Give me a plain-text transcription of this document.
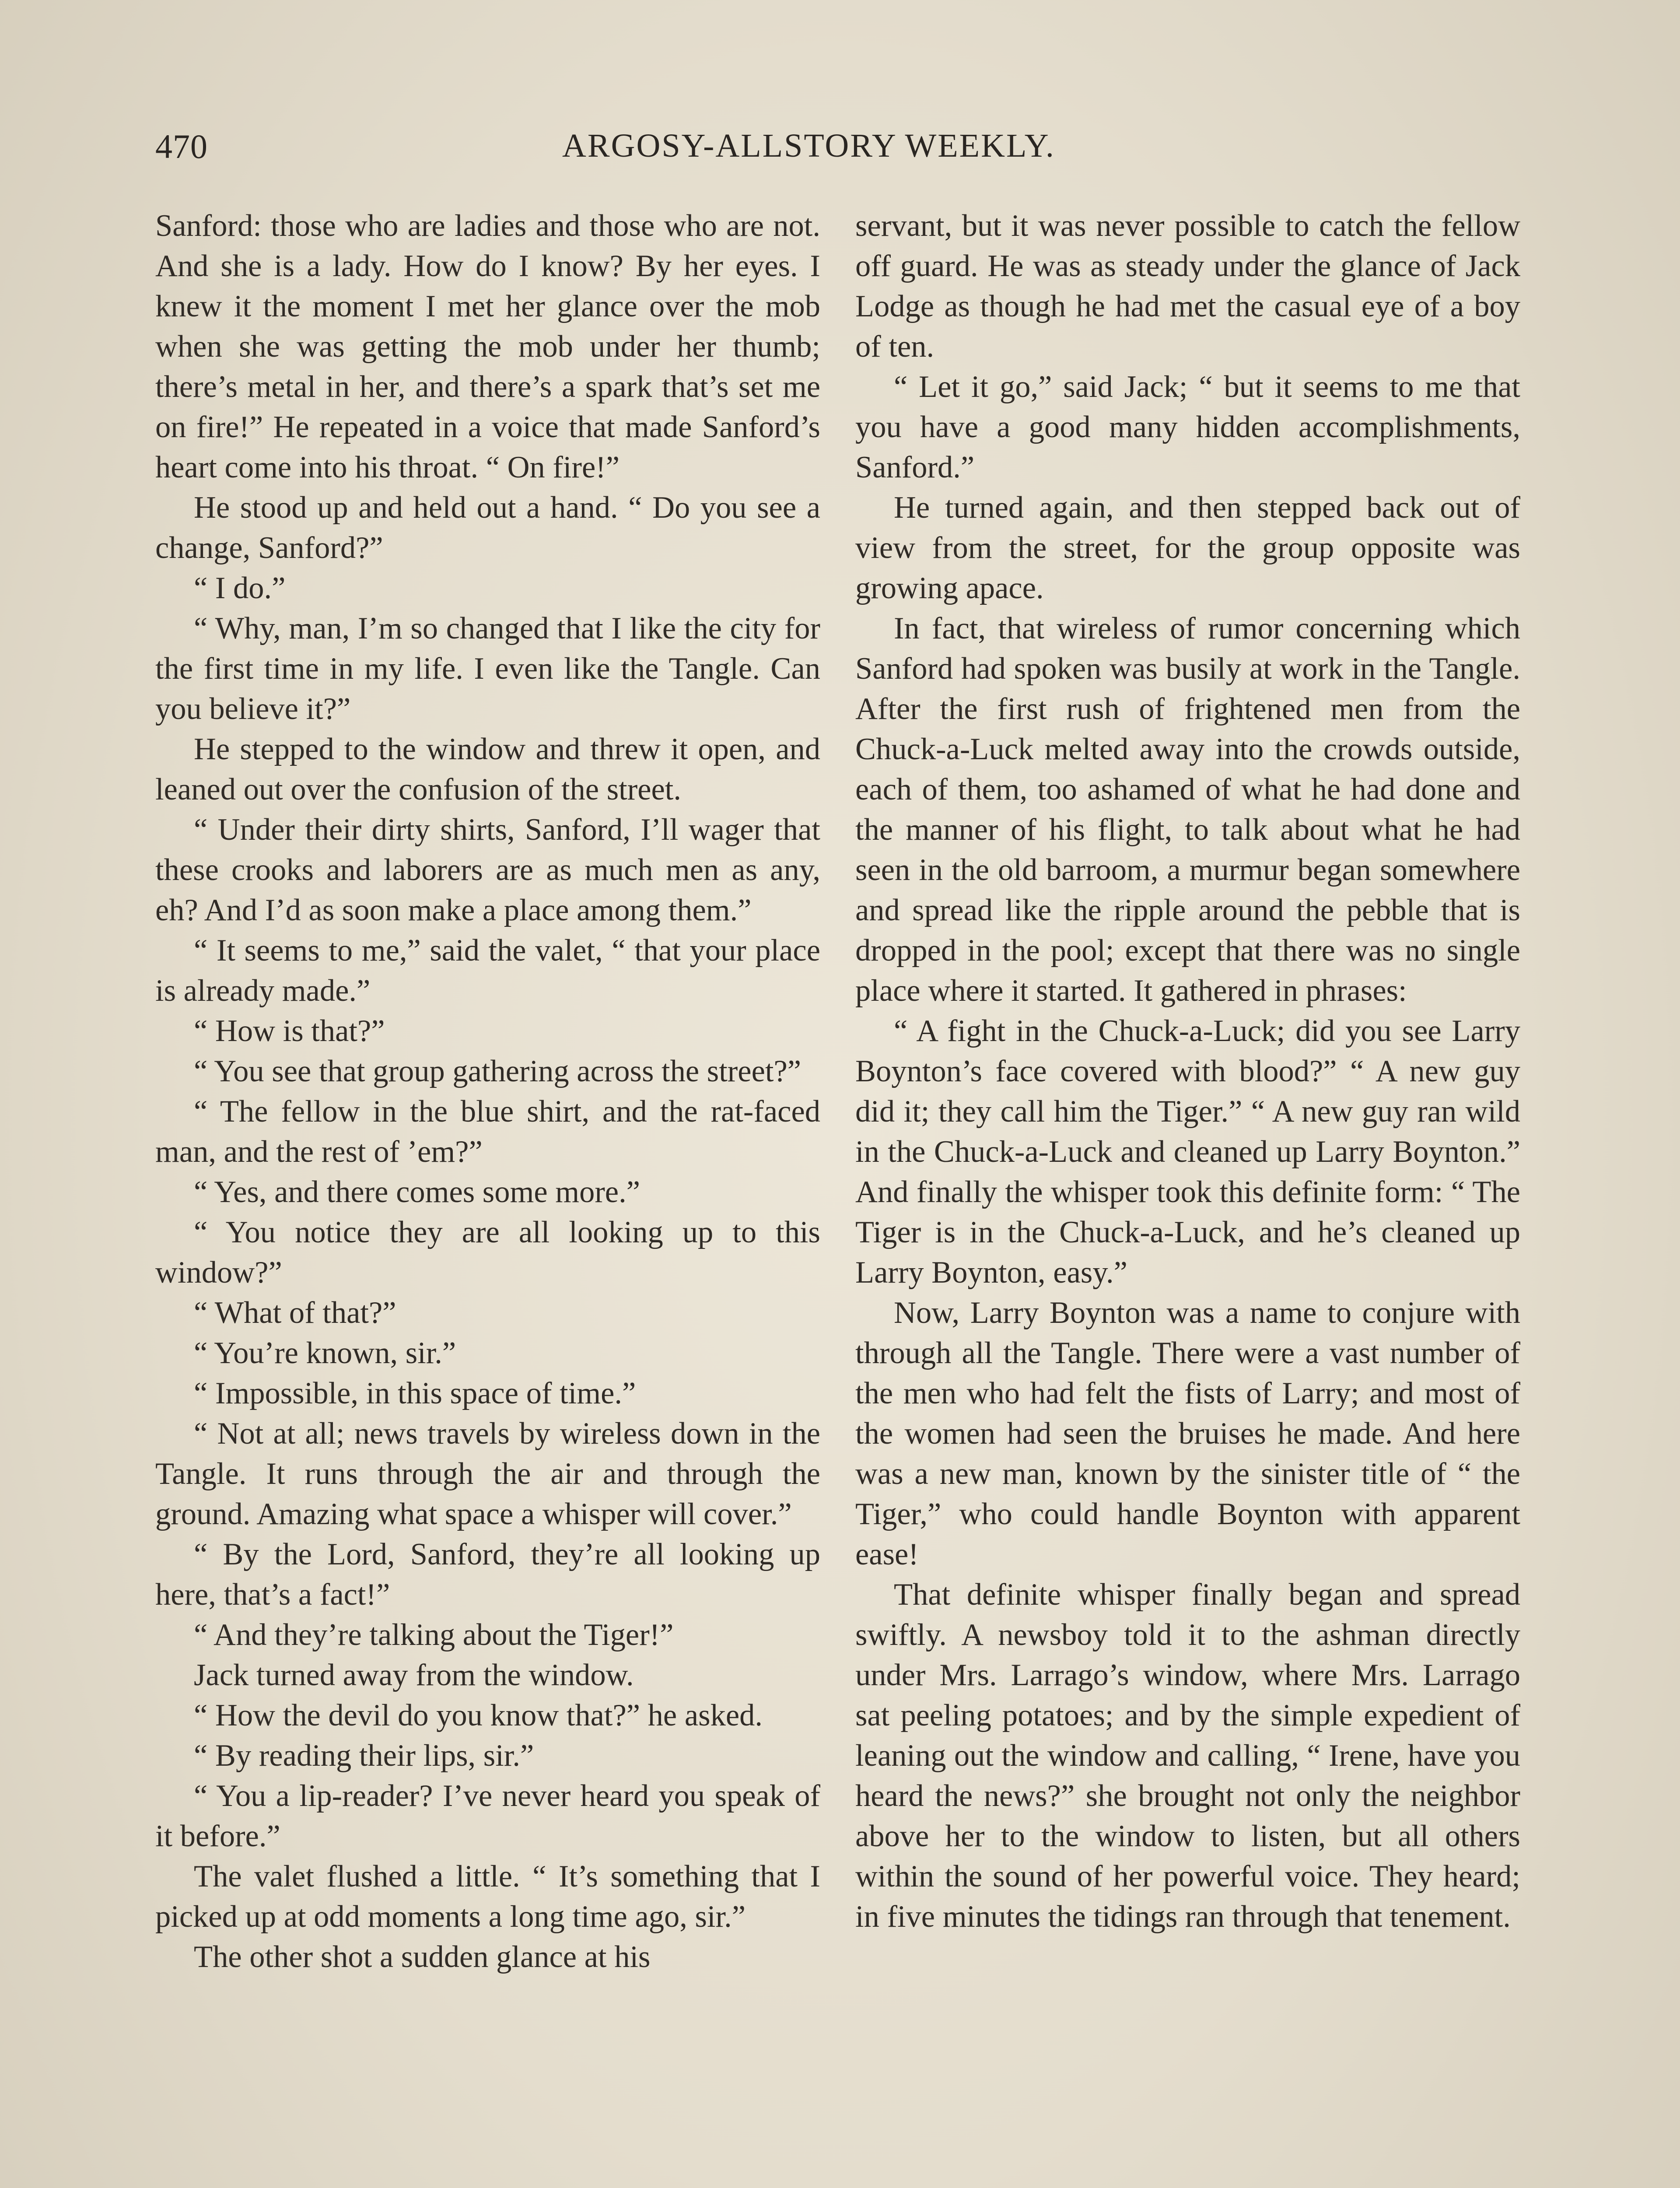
470	ARGOSY-ALLSTORY WEEKLY.

Sanford: those who are ladies and those who are not. And she is a lady. How do I know? By her eyes. I knew it the moment I met her glance over the mob when she was getting the mob under her thumb; there’s metal in her, and there’s a spark that’s set me on fire!” He repeated in a voice that made Sanford’s heart come into his throat. “ On fire!”

He stood up and held out a hand. “ Do you see a change, Sanford?”

“ I do.”

“ Why, man, I’m so changed that I like the city for the first time in my life. I even like the Tangle. Can you believe it?”

He stepped to the window and threw it open, and leaned out over the confusion of the street.

“ Under their dirty shirts, Sanford, I’ll wager that these crooks and laborers are as much men as any, eh? And I’d as soon make a place among them.”

“ It seems to me,” said the valet, “ that your place is already made.”

“ How is that?”

“ You see that group gathering across the street?”

“ The fellow in the blue shirt, and the rat-faced man, and the rest of ’em?”

“ Yes, and there comes some more.”

“ You notice they are all looking up to this window?”

“ What of that?”

“ You’re known, sir.”

“ Impossible, in this space of time.”

“ Not at all; news travels by wireless down in the Tangle. It runs through the air and through the ground. Amazing what space a whisper will cover.”

“ By the Lord, Sanford, they’re all looking up here, that’s a fact!”

“ And they’re talking about the Tiger!”

Jack turned away from the window.

“ How the devil do you know that?” he asked.

“ By reading their lips, sir.”

“ You a lip-reader? I’ve never heard you speak of it before.”

The valet flushed a little. “ It’s something that I picked up at odd moments a long time ago, sir.”

The other shot a sudden glance at his

servant, but it was never possible to catch the fellow off guard. He was as steady under the glance of Jack Lodge as though he had met the casual eye of a boy of ten.

“ Let it go,” said Jack; “ but it seems to me that you have a good many hidden accomplishments, Sanford.”

He turned again, and then stepped back out of view from the street, for the group opposite was growing apace.

In fact, that wireless of rumor concerning which Sanford had spoken was busily at work in the Tangle. After the first rush of frightened men from the Chuck-a-Luck melted away into the crowds outside, each of them, too ashamed of what he had done and the manner of his flight, to talk about what he had seen in the old barroom, a murmur began somewhere and spread like the ripple around the pebble that is dropped in the pool; except that there was no single place where it started. It gathered in phrases:

“ A fight in the Chuck-a-Luck; did you see Larry Boynton’s face covered with blood?” “ A new guy did it; they call him the Tiger.” “ A new guy ran wild in the Chuck-a-Luck and cleaned up Larry Boynton.” And finally the whisper took this definite form: “ The Tiger is in the Chuck-a-Luck, and he’s cleaned up Larry Boynton, easy.”

Now, Larry Boynton was a name to conjure with through all the Tangle. There were a vast number of the men who had felt the fists of Larry; and most of the women had seen the bruises he made. And here was a new man, known by the sinister title of “ the Tiger,” who could handle Boynton with apparent ease!

That definite whisper finally began and spread swiftly. A newsboy told it to the ashman directly under Mrs. Larrago’s window, where Mrs. Larrago sat peeling potatoes; and by the simple expedient of leaning out the window and calling, “ Irene, have you heard the news?” she brought not only the neighbor above her to the window to listen, but all others within the sound of her powerful voice. They heard; in five minutes the tidings ran through that tenement.
